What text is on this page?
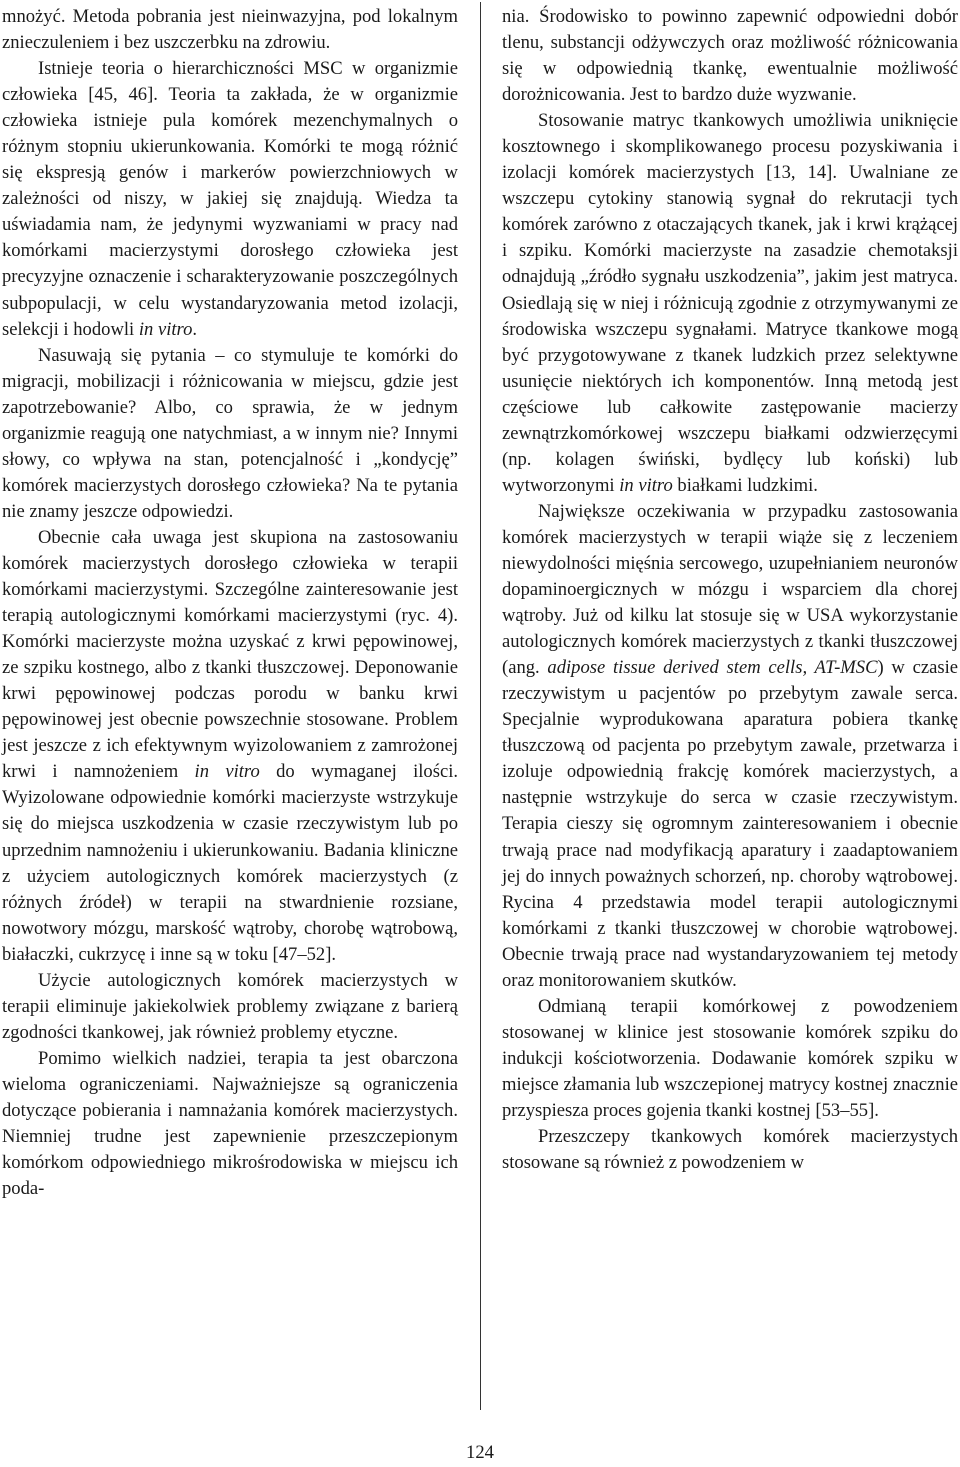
mnożyć. Metoda pobrania jest nieinwazyjna, pod lokalnym znieczuleniem i bez uszczerbku na zdrowiu.

Istnieje teoria o hierarchiczności MSC w organizmie człowieka [45, 46]. Teoria ta zakłada, że w organizmie człowieka istnieje pula komórek mezenchymalnych o różnym stopniu ukierunkowania. Komórki te mogą różnić się ekspresją genów i markerów powierzchniowych w zależności od niszy, w jakiej się znajdują. Wiedza ta uświadamia nam, że jedynymi wyzwaniami w pracy nad komórkami macierzystymi dorosłego człowieka jest precyzyjne oznaczenie i scharakteryzowanie poszczególnych subpopulacji, w celu wystandaryzowania metod izolacji, selekcji i hodowli in vitro.

Nasuwają się pytania – co stymuluje te komórki do migracji, mobilizacji i różnicowania w miejscu, gdzie jest zapotrzebowanie? Albo, co sprawia, że w jednym organizmie reagują one natychmiast, a w innym nie? Innymi słowy, co wpływa na stan, potencjalność i „kondycję” komórek macierzystych dorosłego człowieka? Na te pytania nie znamy jeszcze odpowiedzi.

Obecnie cała uwaga jest skupiona na zastosowaniu komórek macierzystych dorosłego człowieka w terapii komórkami macierzystymi. Szczególne zainteresowanie jest terapią autologicznymi komórkami macierzystymi (ryc. 4). Komórki macierzyste można uzyskać z krwi pępowinowej, ze szpiku kostnego, albo z tkanki tłuszczowej. Deponowanie krwi pępowinowej podczas porodu w banku krwi pępowinowej jest obecnie powszechnie stosowane. Problem jest jeszcze z ich efektywnym wyizolowaniem z zamrożonej krwi i namnożeniem in vitro do wymaganej ilości. Wyizolowane odpowiednie komórki macierzyste wstrzykuje się do miejsca uszkodzenia w czasie rzeczywistym lub po uprzednim namnożeniu i ukierunkowaniu. Badania kliniczne z użyciem autologicznych komórek macierzystych (z różnych źródeł) w terapii na stwardnienie rozsiane, nowotwory mózgu, marskość wątroby, chorobę wątrobową, białaczki, cukrzycę i inne są w toku [47–52].

Użycie autologicznych komórek macierzystych w terapii eliminuje jakiekolwiek problemy związane z barierą zgodności tkankowej, jak również problemy etyczne.

Pomimo wielkich nadziei, terapia ta jest obarczona wieloma ograniczeniami. Najważniejsze są ograniczenia dotyczące pobierania i namnażania komórek macierzystych. Niemniej trudne jest zapewnienie przeszczepionym komórkom odpowiedniego mikrośrodowiska w miejscu ich poda-

nia. Środowisko to powinno zapewnić odpowiedni dobór tlenu, substancji odżywczych oraz możliwość różnicowania się w odpowiednią tkankę, ewentualnie możliwość dorożnicowania. Jest to bardzo duże wyzwanie.

Stosowanie matryc tkankowych umożliwia uniknięcie kosztownego i skomplikowanego procesu pozyskiwania i izolacji komórek macierzystych [13, 14]. Uwalniane ze wszczepu cytokiny stanowią sygnał do rekrutacji tych komórek zarówno z otaczających tkanek, jak i krwi krążącej i szpiku. Komórki macierzyste na zasadzie chemotaksji odnajdują „źródło sygnału uszkodzenia”, jakim jest matryca. Osiedlają się w niej i różnicują zgodnie z otrzymywanymi ze środowiska wszczepu sygnałami. Matryce tkankowe mogą być przygotowywane z tkanek ludzkich przez selektywne usunięcie niektórych ich komponentów. Inną metodą jest częściowe lub całkowite zastępowanie macierzy zewnątrzkomórkowej wszczepu białkami odzwierzęcymi (np. kolagen świński, bydlęcy lub koński) lub wytworzonymi in vitro białkami ludzkimi.

Największe oczekiwania w przypadku zastosowania komórek macierzystych w terapii wiąże się z leczeniem niewydolności mięśnia sercowego, uzupełnianiem neuronów dopaminoergicznych w mózgu i wsparciem dla chorej wątroby. Już od kilku lat stosuje się w USA wykorzystanie autologicznych komórek macierzystych z tkanki tłuszczowej (ang. adipose tissue derived stem cells, AT-MSC) w czasie rzeczywistym u pacjentów po przebytym zawale serca. Specjalnie wyprodukowana aparatura pobiera tkankę tłuszczową od pacjenta po przebytym zawale, przetwarza i izoluje odpowiednią frakcję komórek macierzystych, a następnie wstrzykuje do serca w czasie rzeczywistym. Terapia cieszy się ogromnym zainteresowaniem i obecnie trwają prace nad modyfikacją aparatury i zaadaptowaniem jej do innych poważnych schorzeń, np. choroby wątrobowej. Rycina 4 przedstawia model terapii autologicznymi komórkami z tkanki tłuszczowej w chorobie wątrobowej. Obecnie trwają prace nad wystandaryzowaniem tej metody oraz monitorowaniem skutków.

Odmianą terapii komórkowej z powodzeniem stosowanej w klinice jest stosowanie komórek szpiku do indukcji kościotworzenia. Dodawanie komórek szpiku w miejsce złamania lub wszczepionej matrycy kostnej znacznie przyspiesza proces gojenia tkanki kostnej [53–55].

Przeszczepy tkankowych komórek macierzystych stosowane są również z powodzeniem w

124
